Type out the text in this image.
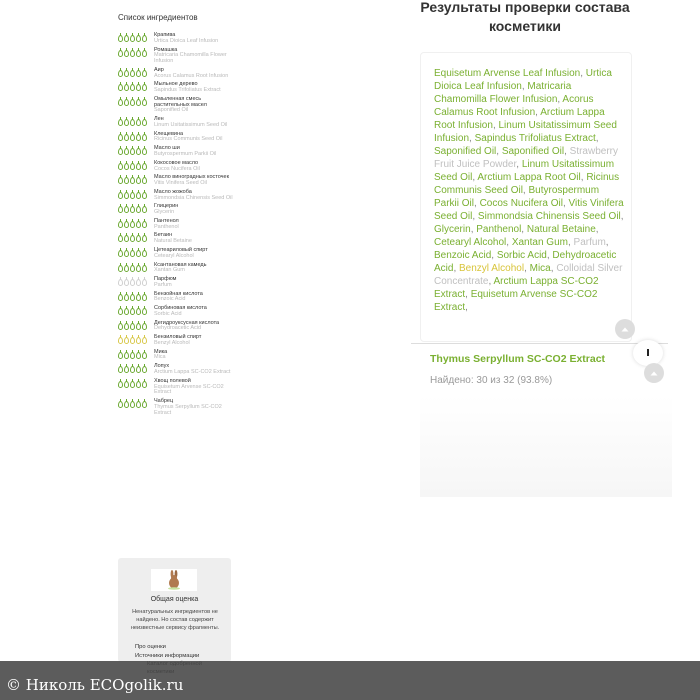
Список ингредиентов
Крапива
Urtica Dioica Leaf Infusion
Ромашка
Matricaria Chamomilla Flower Infusion
Аир
Acorus Calamus Root Infusion
Мыльное дерево
Sapindus Trifoliatus Extract
Омыленная смесь растительных масел
Saponified Oil
Лен
Linum Usitatissimum Seed Oil
Клещевина
Ricinus Communis Seed Oil
Масло ши
Butyrospermum Parkii Oil
Кокосовое масло
Cocos Nucifera Oil
Масло виноградных косточек
Vitis Vinifera Seed Oil
Масло жожоба
Simmondsia Chinensis Seed Oil
Глицерин
Glycerin
Пантенол
Panthenol
Бетаин
Natural Betaine
Цетеариловый спирт
Cetearyl Alcohol
Ксантановая камедь
Xantan Gum
Парфюм
Parfum
Бензойная кислота
Benzoic Acid
Сорбиновая кислота
Sorbic Acid
Дегидроуксусная кислота
Dehydroacetic Acid
Бензиловый спирт
Benzyl Alcohol
Мика
Mica
Лопух
Arctium Lappa SC-CO2 Extract
Хвощ полевой
Equisetum Arvense SC-CO2 Extract
Чабрец
Thymus Serpyllum SC-CO2 Extract
Общая оценка
Ненатуральных ингредиентов не найдено. Но состав содержит неизвестные сервису фрагменты.
Про оценки
Источники информации
Результаты проверки состава косметики
Equisetum Arvense Leaf Infusion, Urtica Dioica Leaf Infusion, Matricaria Chamomilla Flower Infusion, Acorus Calamus Root Infusion, Arctium Lappa Root Infusion, Linum Usitatissimum Seed Infusion, Sapindus Trifoliatus Extract, Saponified Oil, Saponified Oil, Strawberry Fruit Juice Powder, Linum Usitatissimum Seed Oil, Arctium Lappa Root Oil, Ricinus Communis Seed Oil, Butyrospermum Parkii Oil, Cocos Nucifera Oil, Vitis Vinifera Seed Oil, Simmondsia Chinensis Seed Oil, Glycerin, Panthenol, Natural Betaine, Cetearyl Alcohol, Xantan Gum, Parfum, Benzoic Acid, Sorbic Acid, Dehydroacetic Acid, Benzyl Alcohol, Mica, Colloidal Silver Concentrate, Arctium Lappa SC-CO2 Extract, Equisetum Arvense SC-CO2 Extract,
Thymus Serpyllum SC-CO2 Extract
Найдено: 30 из 32 (93.8%)
© Николь ECOgolik.ru
